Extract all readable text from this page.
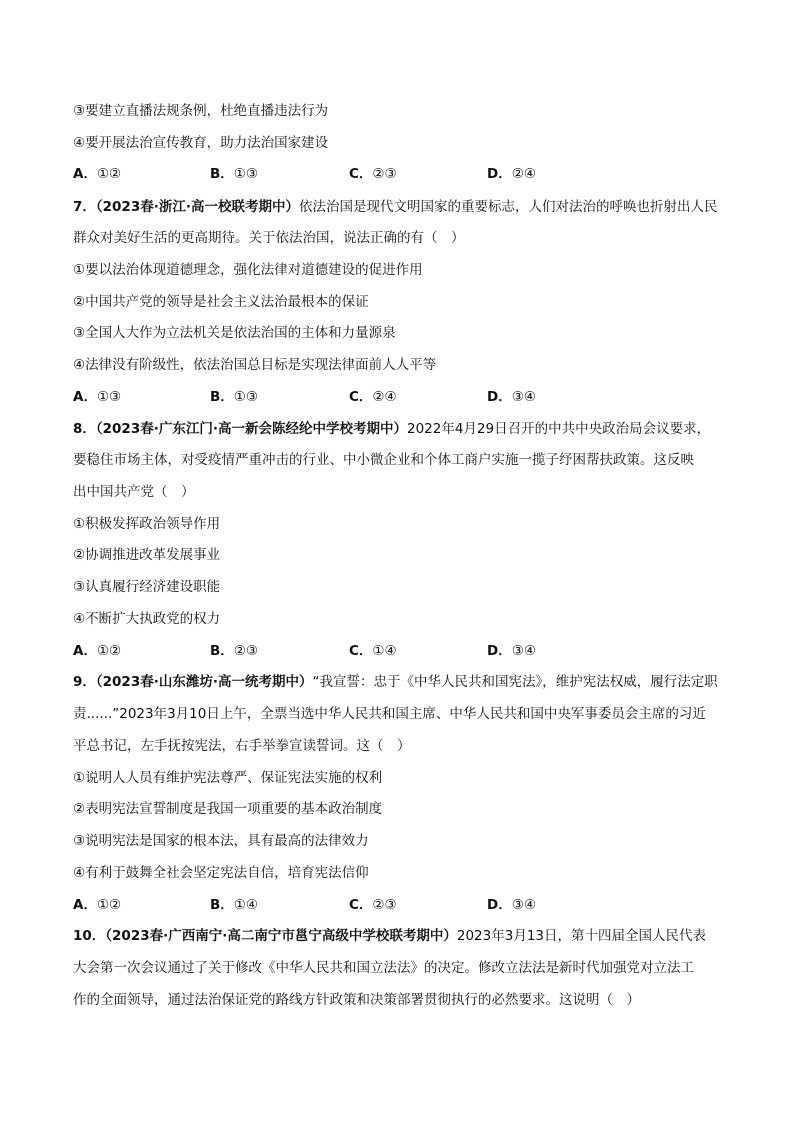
③要建立直播法规条例，杜绝直播违法行为
④要开展法治宣传教育，助力法治国家建设
A．①②	B．①③	C．②③	D．②④
7．（2023春·浙江·高一校联考期中）依法治国是现代文明国家的重要标志，人们对法治的呼唤也折射出人民
群众对美好生活的更高期待。关于依法治国，说法正确的有（　）
①要以法治体现道德理念，强化法律对道德建设的促进作用
②中国共产党的领导是社会主义法治最根本的保证
③全国人大作为立法机关是依法治国的主体和力量源泉
④法律没有阶级性，依法治国总目标是实现法律面前人人平等
A．①③	B．①③	C．②④	D．③④
8．（2023春·广东江门·高一新会陈经纶中学校考期中）2022年4月29日召开的中共中央政治局会议要求，
要稳住市场主体，对受疫情严重冲击的行业、中小微企业和个体工商户实施一揽子纾困帮扶政策。这反映
出中国共产党（　）
①积极发挥政治领导作用
②协调推进改革发展事业
③认真履行经济建设职能
④不断扩大执政党的权力
A．①②	B．②③	C．①④	D．③④
9．（2023春·山东潍坊·高一统考期中）“我宣誓：忠于《中华人民共和国宪法》，维护宪法权威，履行法定职
责......”2023年3月10日上午，全票当选中华人民共和国主席、中华人民共和国中央军事委员会主席的习近
平总书记，左手抚按宪法，右手举拳宣读誓词。这（　）
①说明人人员有维护宪法尊严、保证宪法实施的权利
②表明宪法宣誓制度是我国一项重要的基本政治制度
③说明宪法是国家的根本法，具有最高的法律效力
④有利于鼓舞全社会坚定宪法自信，培育宪法信仰
A．①②	B．①④	C．②③	D．③④
10．（2023春·广西南宁·高二南宁市邕宁高级中学校联考期中）2023年3月13日，第十四届全国人民代表
大会第一次会议通过了关于修改《中华人民共和国立法法》的决定。修改立法法是新时代加强党对立法工
作的全面领导，通过法治保证党的路线方针政策和决策部署贯彻执行的必然要求。这说明（　）
